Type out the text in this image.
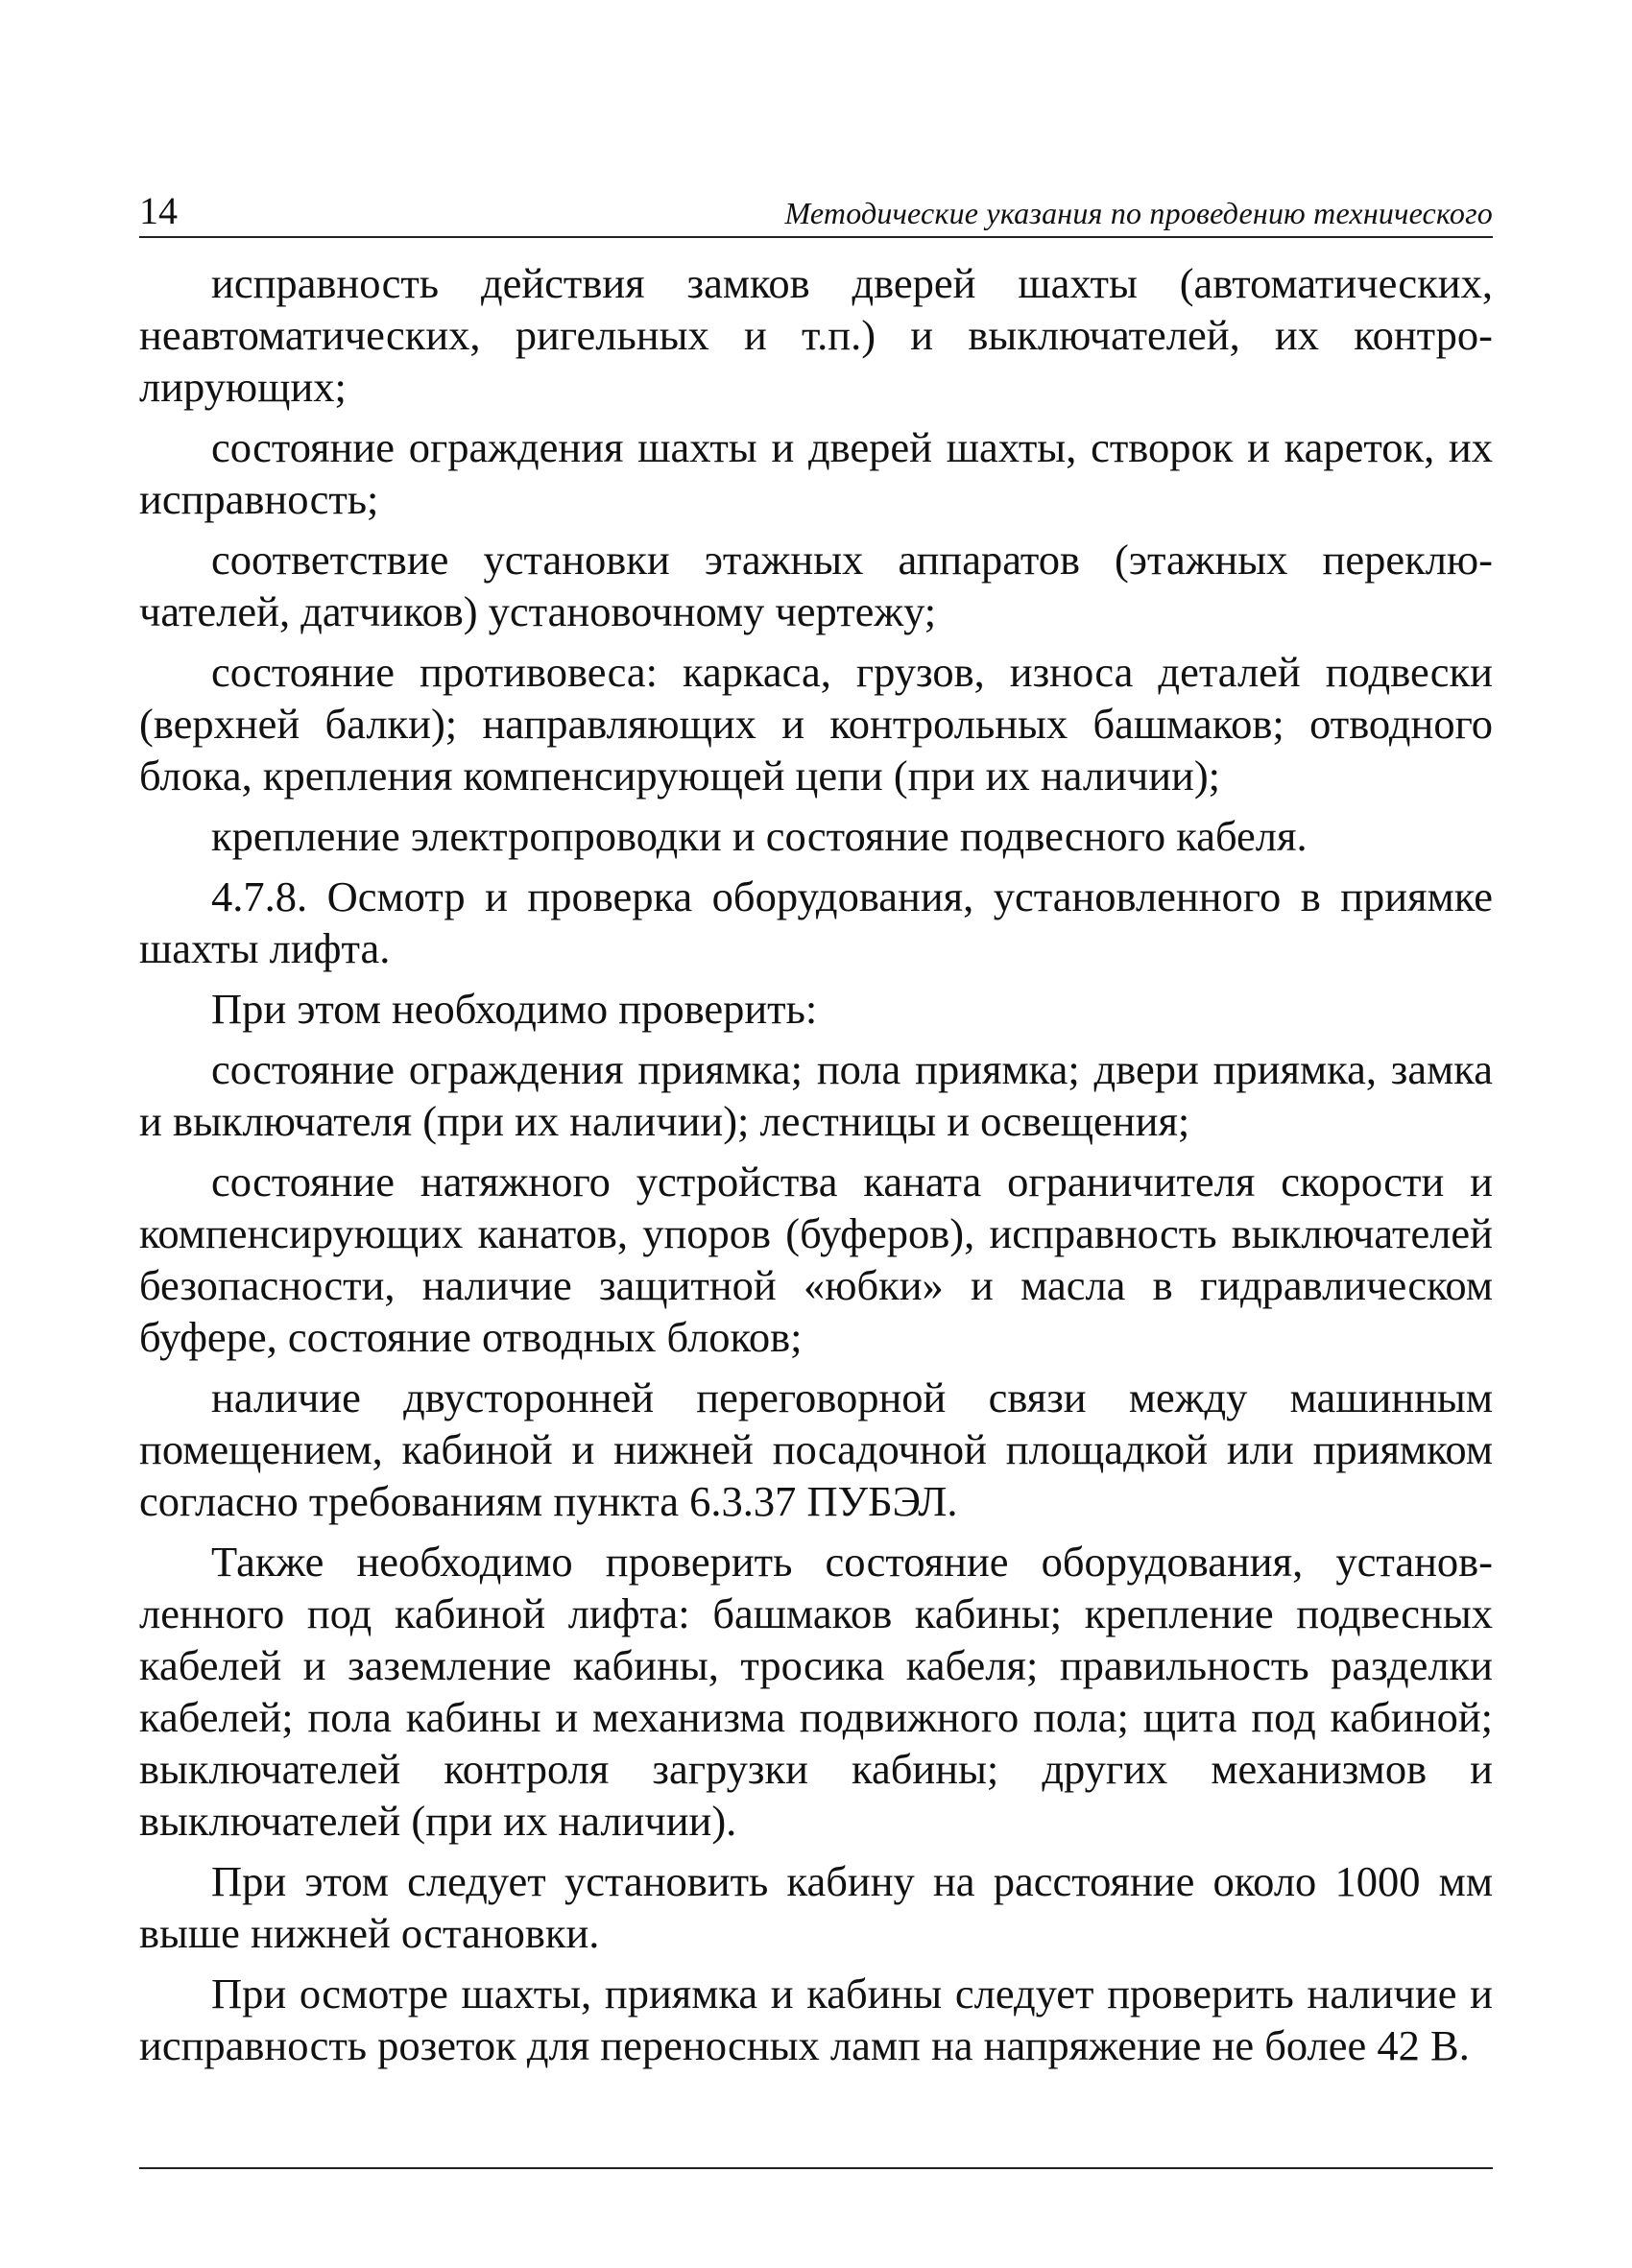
14	Методические указания по проведению технического

исправность действия замков дверей шахты (автоматических, неавтоматических, ригельных и т.п.) и выключателей, их контролирующих;

состояние ограждения шахты и дверей шахты, створок и кареток, их исправность;

соответствие установки этажных аппаратов (этажных переключателей, датчиков) установочному чертежу;

состояние противовеса: каркаса, грузов, износа деталей подвески (верхней балки); направляющих и контрольных башмаков; отводного блока, крепления компенсирующей цепи (при их наличии);

крепление электропроводки и состояние подвесного кабеля.

4.7.8. Осмотр и проверка оборудования, установленного в приямке шахты лифта.

При этом необходимо проверить:

состояние ограждения приямка; пола приямка; двери приямка, замка и выключателя (при их наличии); лестницы и освещения;

состояние натяжного устройства каната ограничителя скорости и компенсирующих канатов, упоров (буферов), исправность выключателей безопасности, наличие защитной «юбки» и масла в гидравлическом буфере, состояние отводных блоков;

наличие двусторонней переговорной связи между машинным помещением, кабиной и нижней посадочной площадкой или приямком согласно требованиям пункта 6.3.37 ПУБЭЛ.

Также необходимо проверить состояние оборудования, установленного под кабиной лифта: башмаков кабины; крепление подвесных кабелей и заземление кабины, тросика кабеля; правильность разделки кабелей; пола кабины и механизма подвижного пола; щита под кабиной; выключателей контроля загрузки кабины; других механизмов и выключателей (при их наличии).

При этом следует установить кабину на расстояние около 1000 мм выше нижней остановки.

При осмотре шахты, приямка и кабины следует проверить наличие и исправность розеток для переносных ламп на напряжение не более 42 В.
